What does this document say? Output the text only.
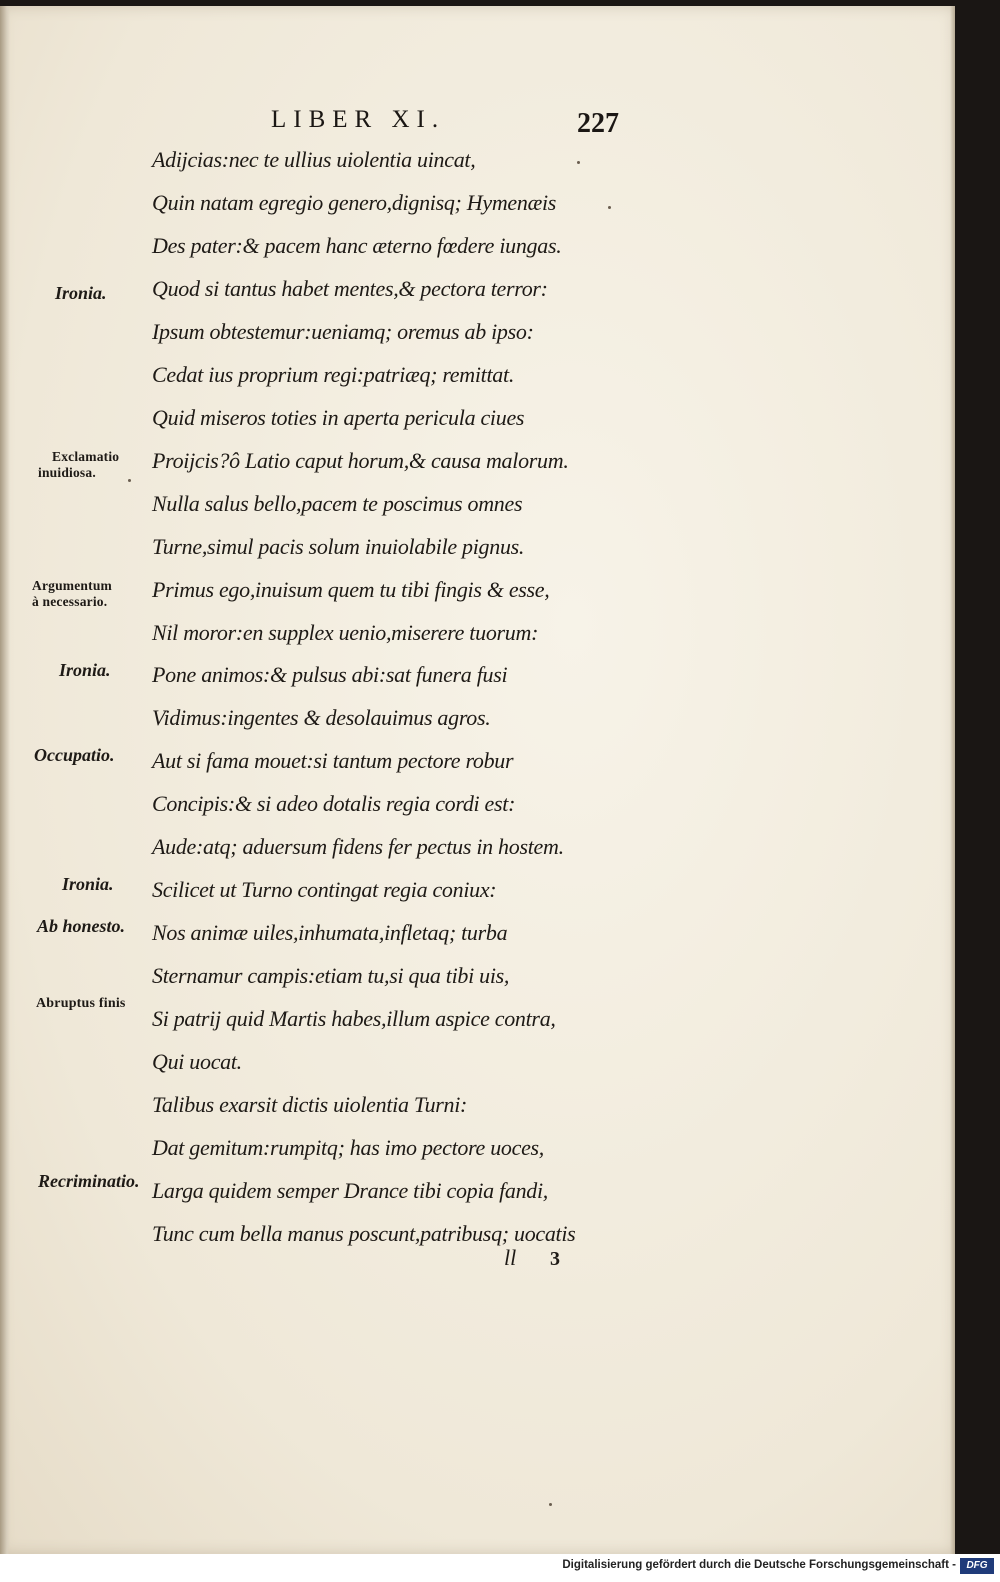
LIBER XI.	227
Adijcias:nec te ullius uiolentia uincat,
Quin natam egregio genero,dignisq; Hymenæis
Des pater:& pacem hanc æterno fœdere iungas.
Quod si tantus habet mentes,& pectora terror:
Ipsum obtestemur:ueniamq; oremus ab ipso:
Cedat ius proprium regi:patriæq; remittat.
Quid miseros toties in aperta pericula ciues
Proijcis?ô Latio caput horum,& causa malorum.
Nulla salus bello,pacem te poscimus omnes
Turne,simul pacis solum inuiolabile pignus.
Primus ego,inuisum quem tu tibi fingis & esse,
Nil moror:en supplex uenio,miserere tuorum:
Pone animos:& pulsus abi:sat funera fusi
Vidimus:ingentes & desolauimus agros.
Aut si fama mouet:si tantum pectore robur
Concipis:& si adeo dotalis regia cordi est:
Aude:atq; aduersum fidens fer pectus in hostem.
Scilicet ut Turno contingat regia coniux:
Nos animæ uiles,inhumata,infletaq; turba
Sternamur campis:etiam tu,si qua tibi uis,
Si patrij quid Martis habes,illum aspice contra,
Qui uocat.
Talibus exarsit dictis uiolentia Turni:
Dat gemitum:rumpitq; has imo pectore uoces,
Larga quidem semper Drance tibi copia fandi,
Tunc cum bella manus poscunt,patribusq; uocatis
Ironia.
Exclamatio
inuidiosa.
Argumentum
à necessario.
Ironia.
Occupatio.
Ironia.
Ab honesto.
Abruptus finis
Recriminatio.
ll 3
Digitalisierung gefördert durch die Deutsche Forschungsgemeinschaft -	DFG
